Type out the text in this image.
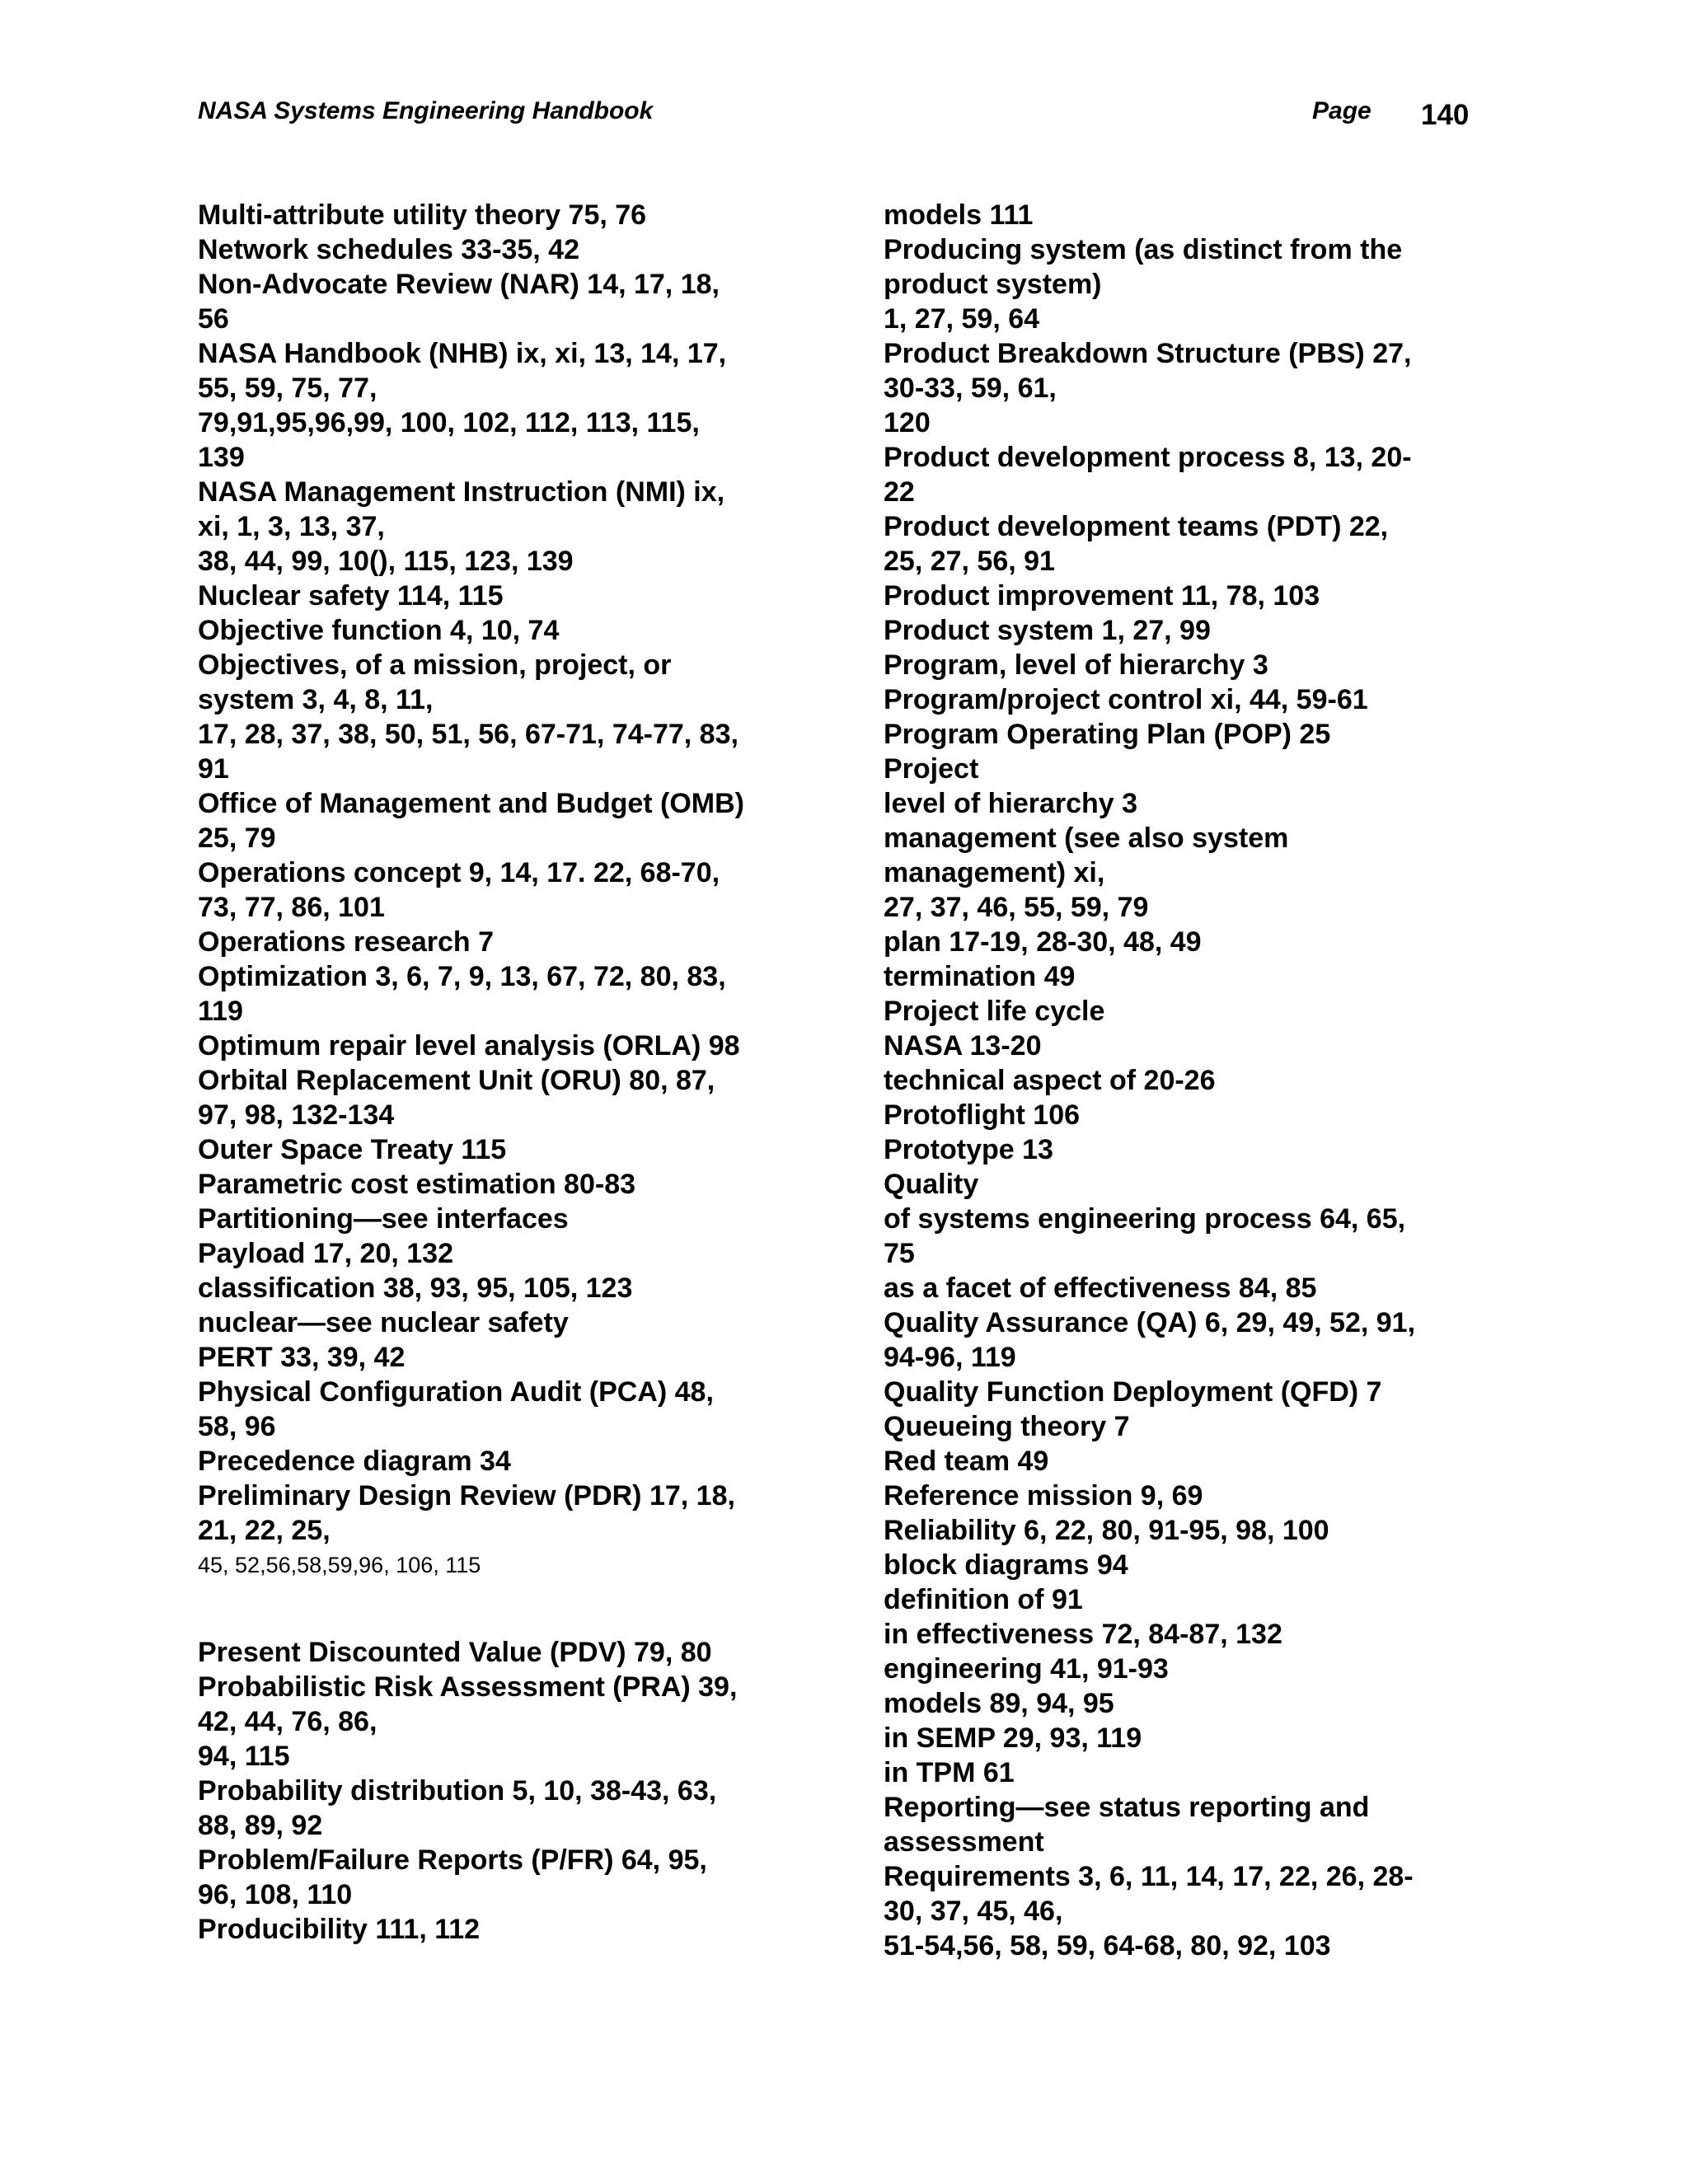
NASA Systems Engineering Handbook	Page 140
Multi-attribute utility theory 75, 76
Network schedules 33-35, 42
Non-Advocate Review (NAR) 14, 17, 18,
56
NASA Handbook (NHB) ix, xi, 13, 14, 17,
55, 59, 75, 77,
79,91,95,96,99, 100, 102, 112, 113, 115,
139
NASA Management Instruction (NMI) ix,
xi, 1, 3, 13, 37,
38, 44, 99, 10(), 115, 123, 139
Nuclear safety 114, 115
Objective function 4, 10, 74
Objectives, of a mission, project, or
system 3, 4, 8, 11,
17, 28, 37, 38, 50, 51, 56, 67-71, 74-77, 83,
91
Office of Management and Budget (OMB)
25, 79
Operations concept 9, 14, 17. 22, 68-70,
73, 77, 86, 101
Operations research 7
Optimization 3, 6, 7, 9, 13, 67, 72, 80, 83,
119
Optimum repair level analysis (ORLA) 98
Orbital Replacement Unit (ORU) 80, 87,
97, 98, 132-134
Outer Space Treaty 115
Parametric cost estimation 80-83
Partitioning—see interfaces
Payload 17, 20, 132
classification 38, 93, 95, 105, 123
nuclear—see nuclear safety
PERT 33, 39, 42
Physical Configuration Audit (PCA) 48,
58, 96
Precedence diagram 34
Preliminary Design Review (PDR) 17, 18,
21, 22, 25,
45, 52,56,58,59,96, 106, 115
Present Discounted Value (PDV) 79, 80
Probabilistic Risk Assessment (PRA) 39,
42, 44, 76, 86,
94, 115
Probability distribution 5, 10, 38-43, 63,
88, 89, 92
Problem/Failure Reports (P/FR) 64, 95,
96, 108, 110
Producibility 111, 112
models 111
Producing system (as distinct from the
product system)
1, 27, 59, 64
Product Breakdown Structure (PBS) 27,
30-33, 59, 61,
120
Product development process 8, 13, 20-
22
Product development teams (PDT) 22,
25, 27, 56, 91
Product improvement 11, 78, 103
Product system 1, 27, 99
Program, level of hierarchy 3
Program/project control xi, 44, 59-61
Program Operating Plan (POP) 25
Project
level of hierarchy 3
management (see also system
management) xi,
27, 37, 46, 55, 59, 79
plan 17-19, 28-30, 48, 49
termination 49
Project life cycle
NASA 13-20
technical aspect of 20-26
Protoflight 106
Prototype 13
Quality
of systems engineering process 64, 65,
75
as a facet of effectiveness 84, 85
Quality Assurance (QA) 6, 29, 49, 52, 91,
94-96, 119
Quality Function Deployment (QFD) 7
Queueing theory 7
Red team 49
Reference mission 9, 69
Reliability 6, 22, 80, 91-95, 98, 100
block diagrams 94
definition of 91
in effectiveness 72, 84-87, 132
engineering 41, 91-93
models 89, 94, 95
in SEMP 29, 93, 119
in TPM 61
Reporting—see status reporting and
assessment
Requirements 3, 6, 11, 14, 17, 22, 26, 28-
30, 37, 45, 46,
51-54,56, 58, 59, 64-68, 80, 92, 103
